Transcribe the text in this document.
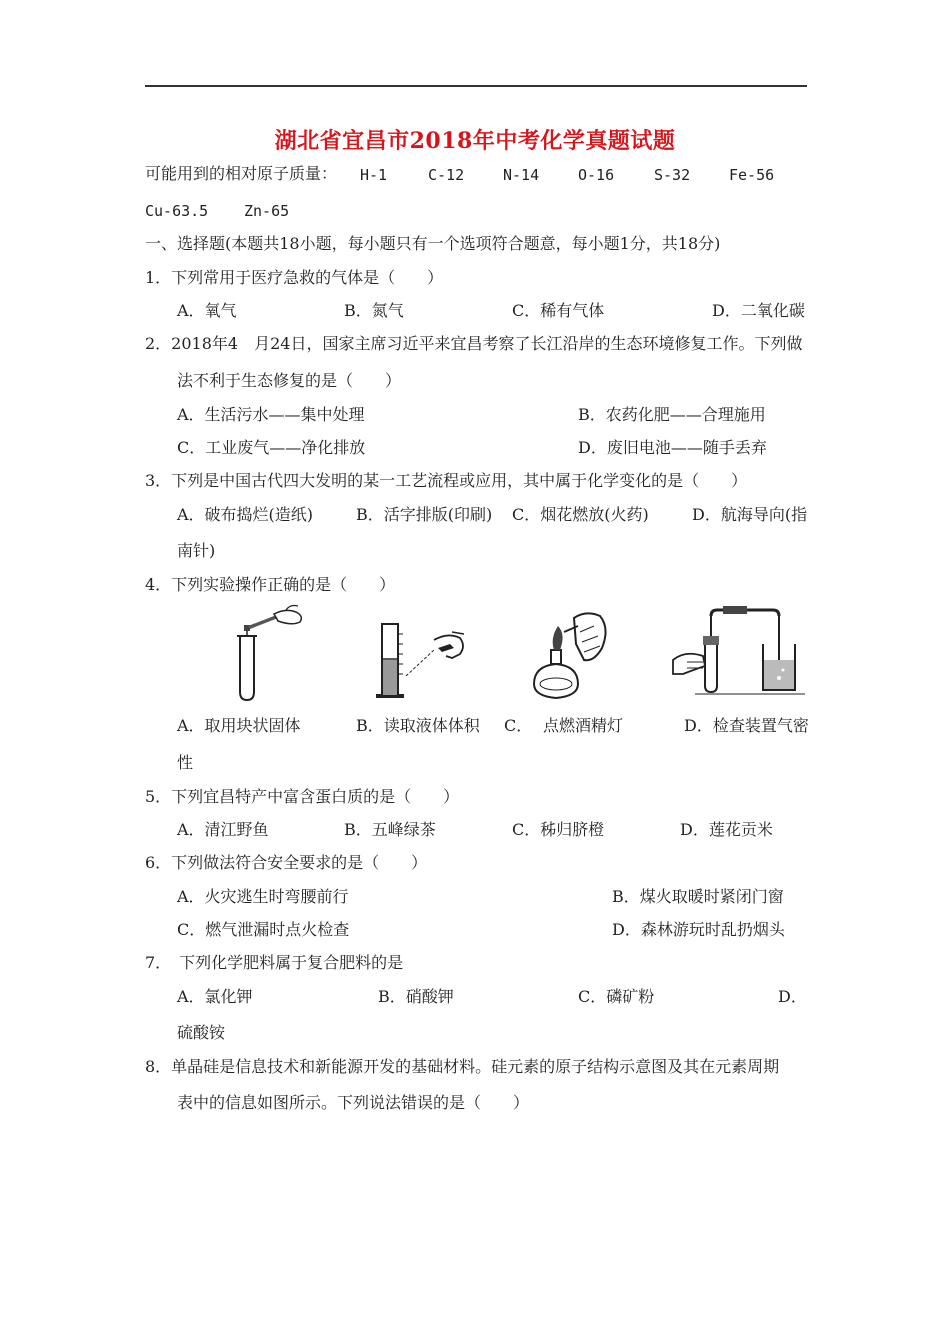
湖北省宜昌市2018年中考化学真题试题
可能用到的相对原子质量： H-1	C-12	N-14	O-16	S-32	Fe-56
Cu-63.5 Zn-65
一、选择题(本题共18小题，每小题只有一个选项符合题意，每小题1分，共18分)
1．下列常用于医疗急救的气体是（　　）
A．氧气	B．氮气	C．稀有气体	D．二氧化碳
2．2018年4　月24日，国家主席习近平来宜昌考察了长江沿岸的生态环境修复工作。下列做
法不利于生态修复的是（　　）
A．生活污水——集中处理	B．农药化肥——合理施用
C．工业废气——净化排放	D．废旧电池——随手丢弃
3．下列是中国古代四大发明的某一工艺流程或应用，其中属于化学变化的是（　　）
A．破布捣烂(造纸)	B．活字排版(印刷) C．烟花燃放(火药)	D．航海导向(指
南针)
4．下列实验操作正确的是（　　）
A．取用块状固体	B．读取液体体积 C． 点燃酒精灯	D．检查装置气密
性
5．下列宜昌特产中富含蛋白质的是（　　）
A．清江野鱼	B．五峰绿茶	C．秭归脐橙	D．莲花贡米
6．下列做法符合安全要求的是（　　）
A．火灾逃生时弯腰前行	B．煤火取暖时紧闭门窗
C．燃气泄漏时点火检查	D．森林游玩时乱扔烟头
7．　下列化学肥料属于复合肥料的是
A．氯化钾	B．硝酸钾	C．磷矿粉	D．
硫酸铵
8．单晶硅是信息技术和新能源开发的基础材料。硅元素的原子结构示意图及其在元素周期
表中的信息如图所示。下列说法错误的是（　　）
